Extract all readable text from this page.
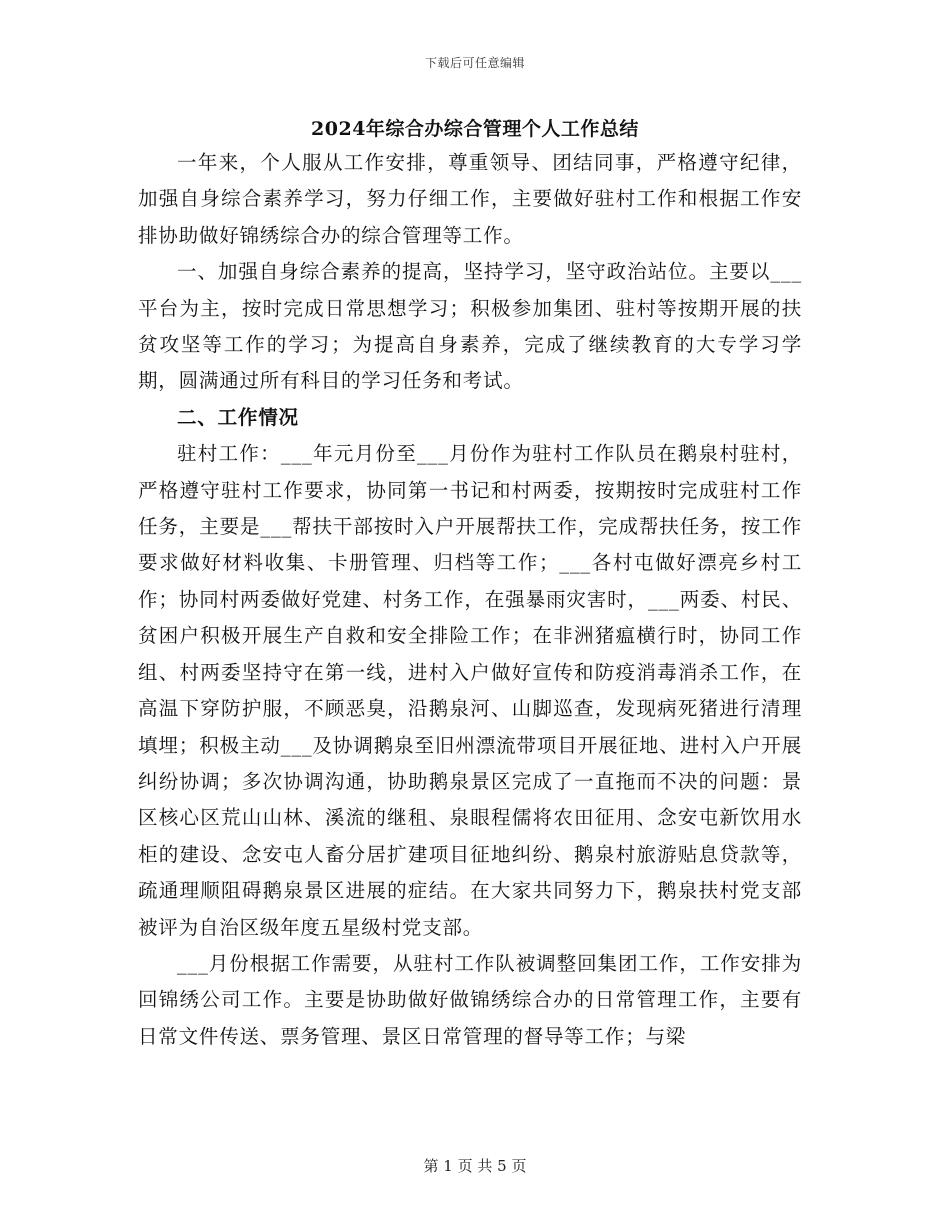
下载后可任意编辑
2024年综合办综合管理个人工作总结

一年来，个人服从工作安排，尊重领导、团结同事，严格遵守纪律，加强自身综合素养学习，努力仔细工作，主要做好驻村工作和根据工作安排协助做好锦绣综合办的综合管理等工作。

一、加强自身综合素养的提高，坚持学习，坚守政治站位。主要以___平台为主，按时完成日常思想学习；积极参加集团、驻村等按期开展的扶贫攻坚等工作的学习；为提高自身素养，完成了继续教育的大专学习学期，圆满通过所有科目的学习任务和考试。

二、工作情况

驻村工作：___年元月份至___月份作为驻村工作队员在鹅泉村驻村，严格遵守驻村工作要求，协同第一书记和村两委，按期按时完成驻村工作任务，主要是___帮扶干部按时入户开展帮扶工作，完成帮扶任务，按工作要求做好材料收集、卡册管理、归档等工作；___各村屯做好漂亮乡村工作；协同村两委做好党建、村务工作，在强暴雨灾害时，___两委、村民、贫困户积极开展生产自救和安全排险工作；在非洲猪瘟横行时，协同工作组、村两委坚持守在第一线，进村入户做好宣传和防疫消毒消杀工作，在高温下穿防护服，不顾恶臭，沿鹅泉河、山脚巡查，发现病死猪进行清理填埋；积极主动___及协调鹅泉至旧州漂流带项目开展征地、进村入户开展纠纷协调；多次协调沟通，协助鹅泉景区完成了一直拖而不决的问题：景区核心区荒山山林、溪流的继租、泉眼程儒将农田征用、念安屯新饮用水柜的建设、念安屯人畜分居扩建项目征地纠纷、鹅泉村旅游贴息贷款等，疏通理顺阻碍鹅泉景区进展的症结。在大家共同努力下，鹅泉扶村党支部被评为自治区级年度五星级村党支部。

___月份根据工作需要，从驻村工作队被调整回集团工作，工作安排为回锦绣公司工作。主要是协助做好做锦绣综合办的日常管理工作，主要有日常文件传送、票务管理、景区日常管理的督导等工作；与梁

第 1 页 共 5 页
